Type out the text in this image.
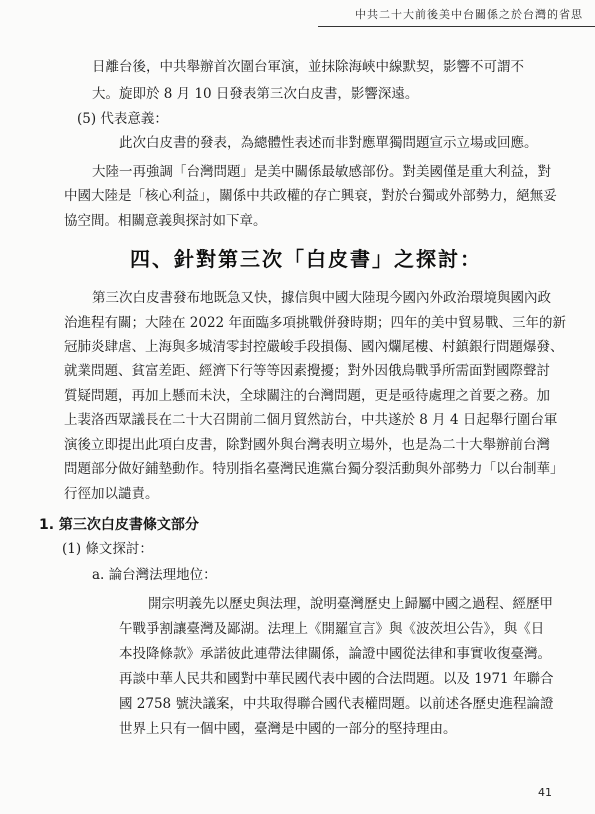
中共二十大前後美中台關係之於台灣的省思
日離台後，中共舉辦首次圍台軍演，並抹除海峽中線默契，影響不可謂不
大。旋即於 8 月 10 日發表第三次白皮書，影響深遠。
(5) 代表意義：
此次白皮書的發表，為總體性表述而非對應單獨問題宣示立場或回應。
大陸一再強調「台灣問題」是美中關係最敏感部份。對美國僅是重大利益，對
中國大陸是「核心利益」，關係中共政權的存亡興衰，對於台獨或外部勢力，絕無妥
協空間。相關意義與探討如下章。
四、針對第三次「白皮書」之探討：
第三次白皮書發布地既急又快，據信與中國大陸現今國內外政治環境與國內政
治進程有關；大陸在 2022 年面臨多項挑戰併發時期；四年的美中貿易戰、三年的新
冠肺炎肆虐、上海與多城清零封控嚴峻手段損傷、國內爛尾樓、村鎮銀行問題爆發、
就業問題、貧富差距、經濟下行等等因素攪擾；對外因俄烏戰爭所需面對國際聲討
質疑問題，再加上懸而未決，全球關注的台灣問題，更是亟待處理之首要之務。加
上裴洛西眾議長在二十大召開前二個月貿然訪台，中共遂於 8 月 4 日起舉行圍台軍
演後立即提出此項白皮書，除對國外與台灣表明立場外，也是為二十大舉辦前台灣
問題部分做好鋪墊動作。特別指名臺灣民進黨台獨分裂活動與外部勢力「以台制華」
行徑加以譴責。
1. 第三次白皮書條文部分
(1) 條文探討：
a. 論台灣法理地位：
開宗明義先以歷史與法理，說明臺灣歷史上歸屬中國之過程、經歷甲
午戰爭割讓臺灣及鄙湖。法理上《開羅宣言》與《波茨坦公告》，與《日
本投降條款》承諾彼此連帶法律關係，論證中國從法律和事實收復臺灣。
再談中華人民共和國對中華民國代表中國的合法問題。以及 1971 年聯合
國 2758 號決議案，中共取得聯合國代表權問題。以前述各歷史進程論證
世界上只有一個中國，臺灣是中國的一部分的堅持理由。
41
